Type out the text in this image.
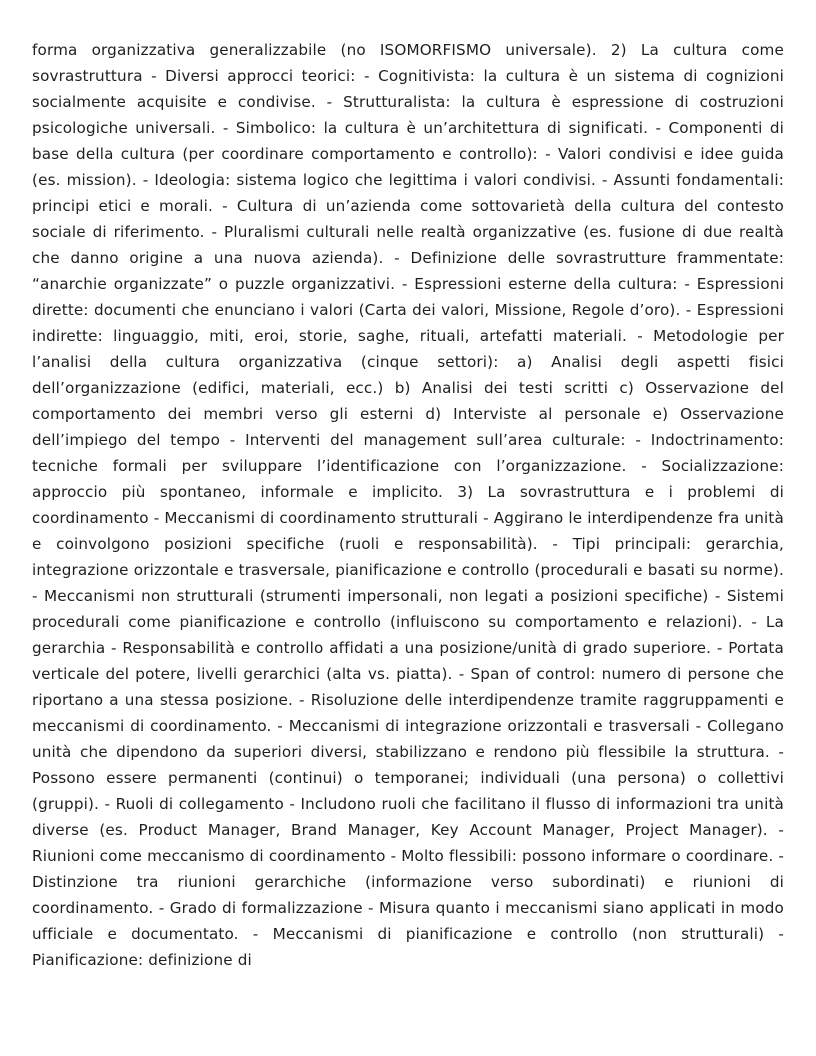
forma organizzativa generalizzabile (no ISOMORFISMO universale). 2) La cultura come sovrastruttura - Diversi approcci teorici: - Cognitivista: la cultura è un sistema di cognizioni socialmente acquisite e condivise. - Strutturalista: la cultura è espressione di costruzioni psicologiche universali. - Simbolico: la cultura è un’architettura di significati. - Componenti di base della cultura (per coordinare comportamento e controllo): - Valori condivisi e idee guida (es. mission). - Ideologia: sistema logico che legittima i valori condivisi. - Assunti fondamentali: principi etici e morali. - Cultura di un’azienda come sottovarietà della cultura del contesto sociale di riferimento. - Pluralismi culturali nelle realtà organizzative (es. fusione di due realtà che danno origine a una nuova azienda). - Definizione delle sovrastrutture frammentate: “anarchie organizzate” o puzzle organizzativi. - Espressioni esterne della cultura: - Espressioni dirette: documenti che enunciano i valori (Carta dei valori, Missione, Regole d’oro). - Espressioni indirette: linguaggio, miti, eroi, storie, saghe, rituali, artefatti materiali. - Metodologie per l’analisi della cultura organizzativa (cinque settori): a) Analisi degli aspetti fisici dell’organizzazione (edifici, materiali, ecc.) b) Analisi dei testi scritti c) Osservazione del comportamento dei membri verso gli esterni d) Interviste al personale e) Osservazione dell’impiego del tempo - Interventi del management sull’area culturale: - Indoctrinamento: tecniche formali per sviluppare l’identificazione con l’organizzazione. - Socializzazione: approccio più spontaneo, informale e implicito. 3) La sovrastruttura e i problemi di coordinamento - Meccanismi di coordinamento strutturali - Aggirano le interdipendenze fra unità e coinvolgono posizioni specifiche (ruoli e responsabilità). - Tipi principali: gerarchia, integrazione orizzontale e trasversale, pianificazione e controllo (procedurali e basati su norme). - Meccanismi non strutturali (strumenti impersonali, non legati a posizioni specifiche) - Sistemi procedurali come pianificazione e controllo (influiscono su comportamento e relazioni). - La gerarchia - Responsabilità e controllo affidati a una posizione/unità di grado superiore. - Portata verticale del potere, livelli gerarchici (alta vs. piatta). - Span of control: numero di persone che riportano a una stessa posizione. - Risoluzione delle interdipendenze tramite raggruppamenti e meccanismi di coordinamento. - Meccanismi di integrazione orizzontali e trasversali - Collegano unità che dipendono da superiori diversi, stabilizzano e rendono più flessibile la struttura. - Possono essere permanenti (continui) o temporanei; individuali (una persona) o collettivi (gruppi). - Ruoli di collegamento - Includono ruoli che facilitano il flusso di informazioni tra unità diverse (es. Product Manager, Brand Manager, Key Account Manager, Project Manager). - Riunioni come meccanismo di coordinamento - Molto flessibili: possono informare o coordinare. - Distinzione tra riunioni gerarchiche (informazione verso subordinati) e riunioni di coordinamento. - Grado di formalizzazione - Misura quanto i meccanismi siano applicati in modo ufficiale e documentato. - Meccanismi di pianificazione e controllo (non strutturali) - Pianificazione: definizione di
